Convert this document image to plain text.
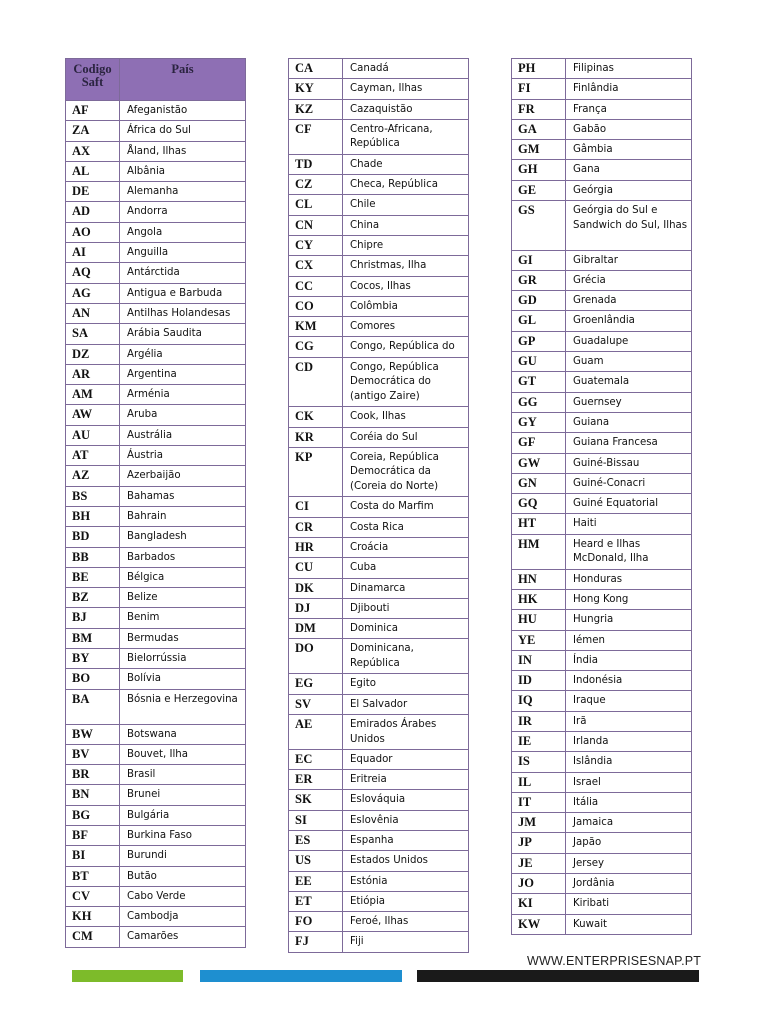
Codigo Saft	País
AF	Afeganistão
ZA	África do Sul
AX	Åland, Ilhas
AL	Albânia
DE	Alemanha
AD	Andorra
AO	Angola
AI	Anguilla
AQ	Antárctida
AG	Antigua e Barbuda
AN	Antilhas Holandesas
SA	Arábia Saudita
DZ	Argélia
AR	Argentina
AM	Arménia
AW	Aruba
AU	Austrália
AT	Áustria
AZ	Azerbaijão
BS	Bahamas
BH	Bahrain
BD	Bangladesh
BB	Barbados
BE	Bélgica
BZ	Belize
BJ	Benim
BM	Bermudas
BY	Bielorrússia
BO	Bolívia
BA	Bósnia e Herzegovina
BW	Botswana
BV	Bouvet, Ilha
BR	Brasil
BN	Brunei
BG	Bulgária
BF	Burkina Faso
BI	Burundi
BT	Butão
CV	Cabo Verde
KH	Cambodja
CM	Camarões
CA	Canadá
KY	Cayman, Ilhas
KZ	Cazaquistão
CF	Centro-Africana, República
TD	Chade
CZ	Checa, República
CL	Chile
CN	China
CY	Chipre
CX	Christmas, Ilha
CC	Cocos, Ilhas
CO	Colômbia
KM	Comores
CG	Congo, República do
CD	Congo, República Democrática do (antigo Zaire)
CK	Cook, Ilhas
KR	Coréia do Sul
KP	Coreia, República Democrática da (Coreia do Norte)
CI	Costa do Marfim
CR	Costa Rica
HR	Croácia
CU	Cuba
DK	Dinamarca
DJ	Djibouti
DM	Dominica
DO	Dominicana, República
EG	Egito
SV	El Salvador
AE	Emirados Árabes Unidos
EC	Equador
ER	Eritreia
SK	Eslováquia
SI	Eslovênia
ES	Espanha
US	Estados Unidos
EE	Estónia
ET	Etiópia
FO	Feroé, Ilhas
FJ	Fiji
PH	Filipinas
FI	Finlândia
FR	França
GA	Gabão
GM	Gâmbia
GH	Gana
GE	Geórgia
GS	Geórgia do Sul e Sandwich do Sul, Ilhas
GI	Gibraltar
GR	Grécia
GD	Grenada
GL	Groenlândia
GP	Guadalupe
GU	Guam
GT	Guatemala
GG	Guernsey
GY	Guiana
GF	Guiana Francesa
GW	Guiné-Bissau
GN	Guiné-Conacri
GQ	Guiné Equatorial
HT	Haiti
HM	Heard e Ilhas McDonald, Ilha
HN	Honduras
HK	Hong Kong
HU	Hungria
YE	Iémen
IN	Índia
ID	Indonésia
IQ	Iraque
IR	Irã
IE	Irlanda
IS	Islândia
IL	Israel
IT	Itália
JM	Jamaica
JP	Japão
JE	Jersey
JO	Jordânia
KI	Kiribati
KW	Kuwait
WWW.ENTERPRISESNAP.PT
